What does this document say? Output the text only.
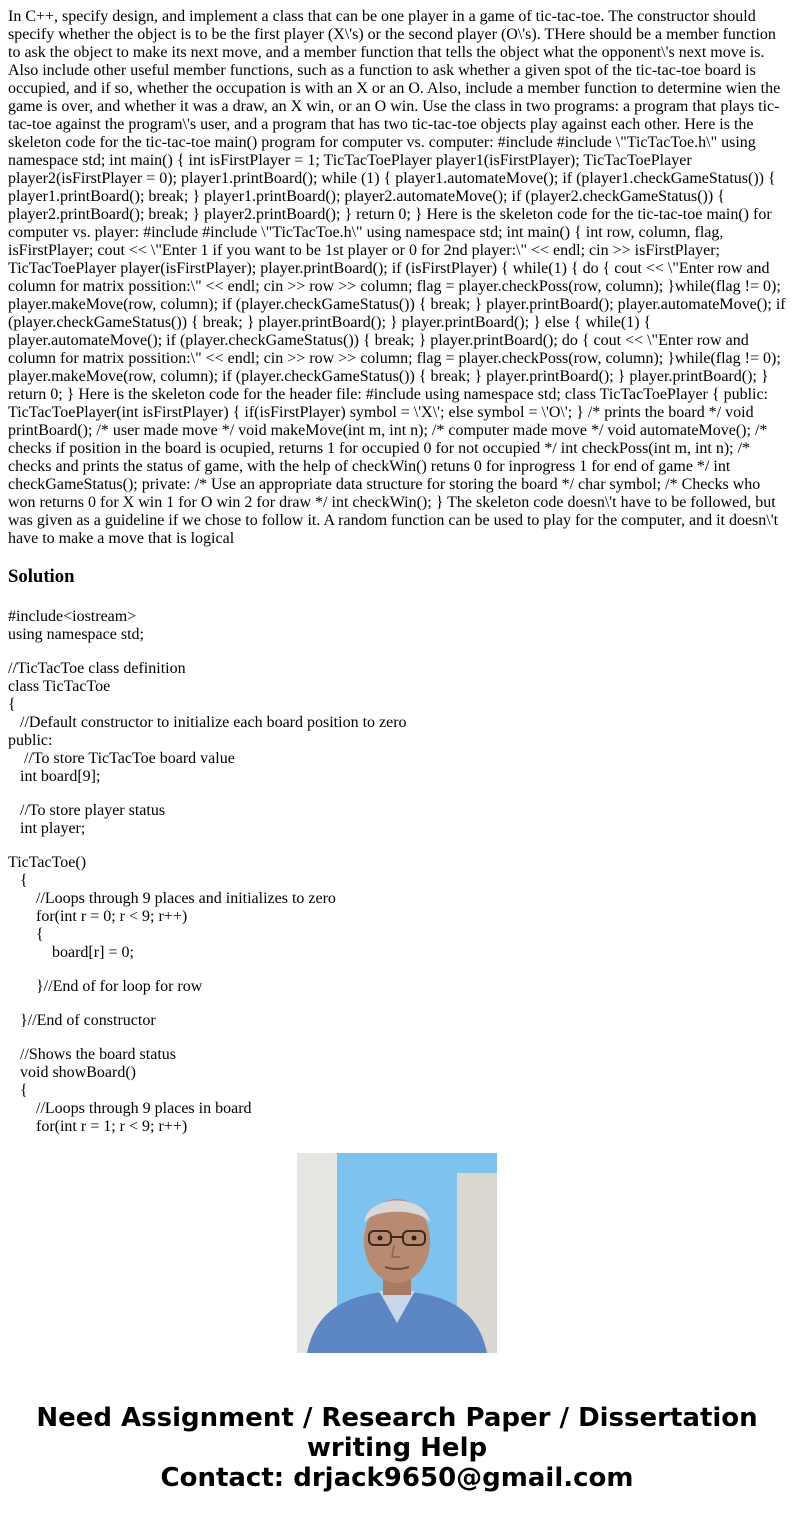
In C++, specify design, and implement a class that can be one player in a game of tic-tac-toe. The constructor should specify whether the object is to be the first player (X\'s) or the second player (O\'s). THere should be a member function to ask the object to make its next move, and a member function that tells the object what the opponent\'s next move is. Also include other useful member functions, such as a function to ask whether a given spot of the tic-tac-toe board is occupied, and if so, whether the occupation is with an X or an O. Also, include a member function to determine wien the game is over, and whether it was a draw, an X win, or an O win. Use the class in two programs: a program that plays tic-tac-toe against the program\'s user, and a program that has two tic-tac-toe objects play against each other. Here is the skeleton code for the tic-tac-toe main() program for computer vs. computer: #include #include \"TicTacToe.h\" using namespace std; int main() { int isFirstPlayer = 1; TicTacToePlayer player1(isFirstPlayer); TicTacToePlayer player2(isFirstPlayer = 0); player1.printBoard(); while (1) { player1.automateMove(); if (player1.checkGameStatus()) { player1.printBoard(); break; } player1.printBoard(); player2.automateMove(); if (player2.checkGameStatus()) { player2.printBoard(); break; } player2.printBoard(); } return 0; } Here is the skeleton code for the tic-tac-toe main() for computer vs. player: #include #include \"TicTacToe.h\" using namespace std; int main() { int row, column, flag, isFirstPlayer; cout << \"Enter 1 if you want to be 1st player or 0 for 2nd player:\" << endl; cin >> isFirstPlayer; TicTacToePlayer player(isFirstPlayer); player.printBoard(); if (isFirstPlayer) { while(1) { do { cout << \"Enter row and column for matrix possition:\" << endl; cin >> row >> column; flag = player.checkPoss(row, column); }while(flag != 0); player.makeMove(row, column); if (player.checkGameStatus()) { break; } player.printBoard(); player.automateMove(); if (player.checkGameStatus()) { break; } player.printBoard(); } player.printBoard(); } else { while(1) { player.automateMove(); if (player.checkGameStatus()) { break; } player.printBoard(); do { cout << \"Enter row and column for matrix possition:\" << endl; cin >> row >> column; flag = player.checkPoss(row, column); }while(flag != 0); player.makeMove(row, column); if (player.checkGameStatus()) { break; } player.printBoard(); } player.printBoard(); } return 0; } Here is the skeleton code for the header file: #include using namespace std; class TicTacToePlayer { public: TicTacToePlayer(int isFirstPlayer) { if(isFirstPlayer) symbol = \'X\'; else symbol = \'O\'; } /* prints the board */ void printBoard(); /* user made move */ void makeMove(int m, int n); /* computer made move */ void automateMove(); /* checks if position in the board is ocupied, returns 1 for occupied 0 for not occupied */ int checkPoss(int m, int n); /* checks and prints the status of game, with the help of checkWin() retuns 0 for inprogress 1 for end of game */ int checkGameStatus(); private: /* Use an appropriate data structure for storing the board */ char symbol; /* Checks who won returns 0 for X win 1 for O win 2 for draw */ int checkWin(); } The skeleton code doesn\'t have to be followed, but was given as a guideline if we chose to follow it. A random function can be used to play for the computer, and it doesn\'t have to make a move that is logical

Solution
#include<iostream>
using namespace std;
//TicTacToe class definition
class TicTacToe
{
//Default constructor to initialize each board position to zero
public:
//To store TicTacToe board value
int board[9];
//To store player status
int player;
TicTacToe()
{
//Loops through 9 places and initializes to zero
for(int r = 0; r < 9; r++)
{
board[r] = 0;
}//End of for loop for row
}//End of constructor
//Shows the board status
void showBoard()
{
//Loops through 9 places in board
for(int r = 1; r < 9; r++)
Need Assignment / Research Paper / Dissertation
writing Help
Contact: drjack9650@gmail.com
